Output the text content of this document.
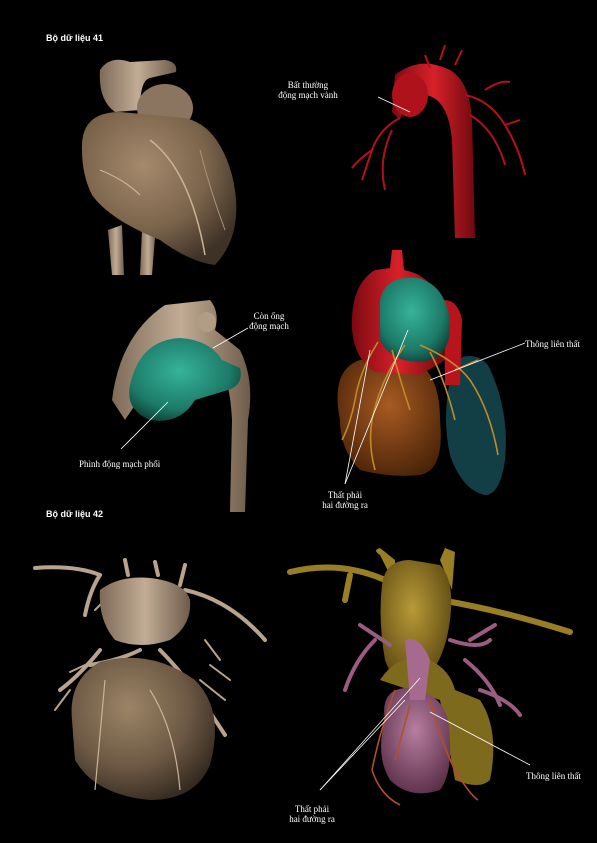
Bộ dữ liệu 41
Bộ dữ liệu 42
Bất thường
động mạch vành
Còn ống
động mạch
Phình động mạch phổi
Thông liên thất
Thất phải
hai đường ra
Thông liên thất
Thất phải
hai đường ra
